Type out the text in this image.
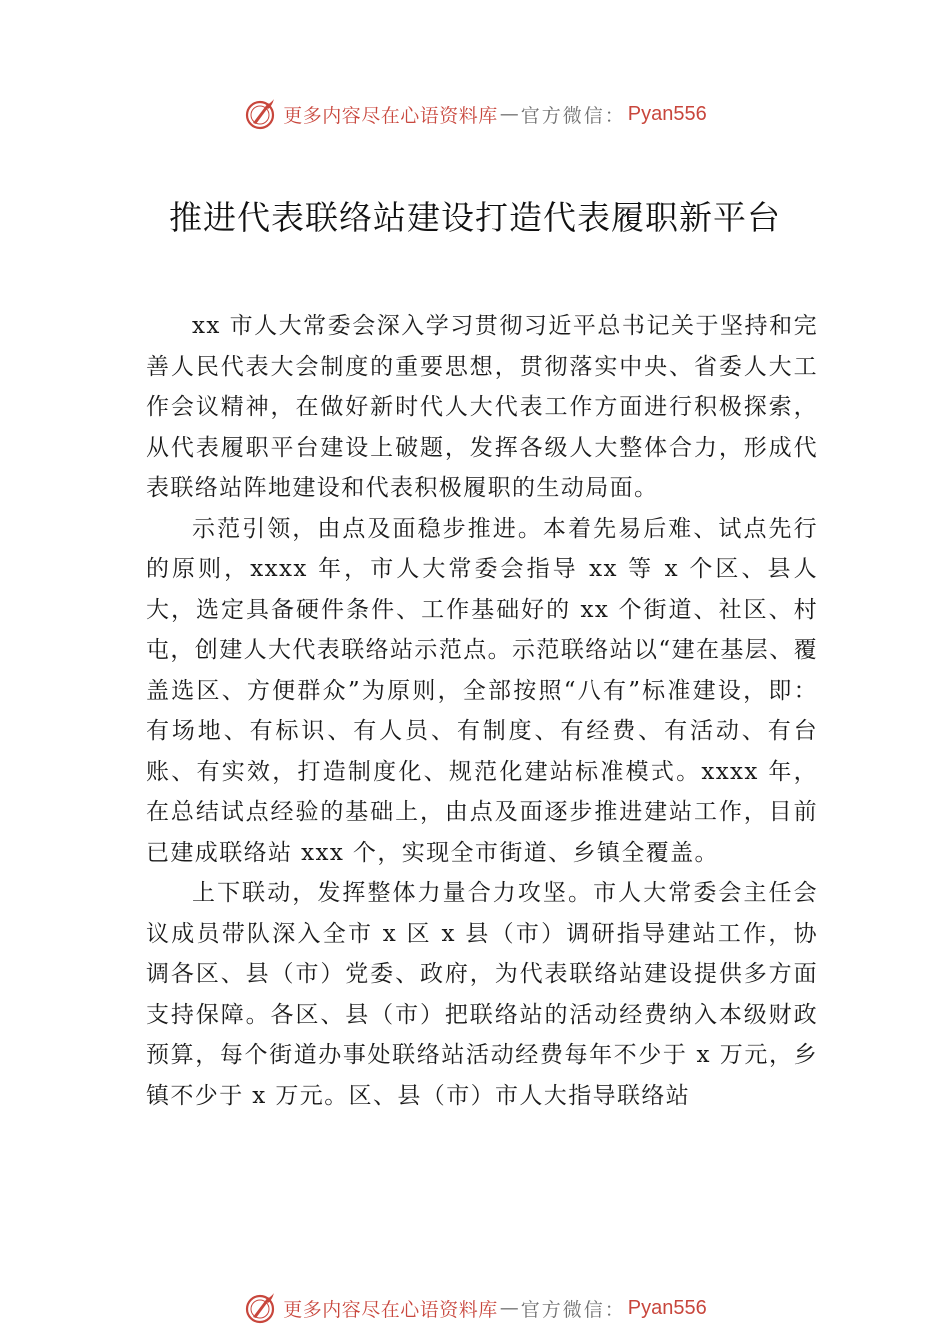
更多内容尽在心语资料库 — 官方微信： Pyan556
推进代表联络站建设打造代表履职新平台

xx 市人大常委会深入学习贯彻习近平总书记关于坚持和完善人民代表大会制度的重要思想，贯彻落实中央、省委人大工作会议精神，在做好新时代人大代表工作方面进行积极探索，从代表履职平台建设上破题，发挥各级人大整体合力，形成代表联络站阵地建设和代表积极履职的生动局面。

示范引领，由点及面稳步推进。本着先易后难、试点先行的原则，xxxx 年，市人大常委会指导 xx 等 x 个区、县人大，选定具备硬件条件、工作基础好的 xx 个街道、社区、村屯，创建人大代表联络站示范点。示范联络站以“建在基层、覆盖选区、方便群众”为原则，全部按照“八有”标准建设，即：有场地、有标识、有人员、有制度、有经费、有活动、有台账、有实效，打造制度化、规范化建站标准模式。xxxx 年，在总结试点经验的基础上，由点及面逐步推进建站工作，目前已建成联络站 xxx 个，实现全市街道、乡镇全覆盖。

上下联动，发挥整体力量合力攻坚。市人大常委会主任会议成员带队深入全市 x 区 x 县（市）调研指导建站工作，协调各区、县（市）党委、政府，为代表联络站建设提供多方面支持保障。各区、县（市）把联络站的活动经费纳入本级财政预算，每个街道办事处联络站活动经费每年不少于 x 万元，乡镇不少于 x 万元。区、县（市）市人大指导联络站

更多内容尽在心语资料库 — 官方微信： Pyan556
